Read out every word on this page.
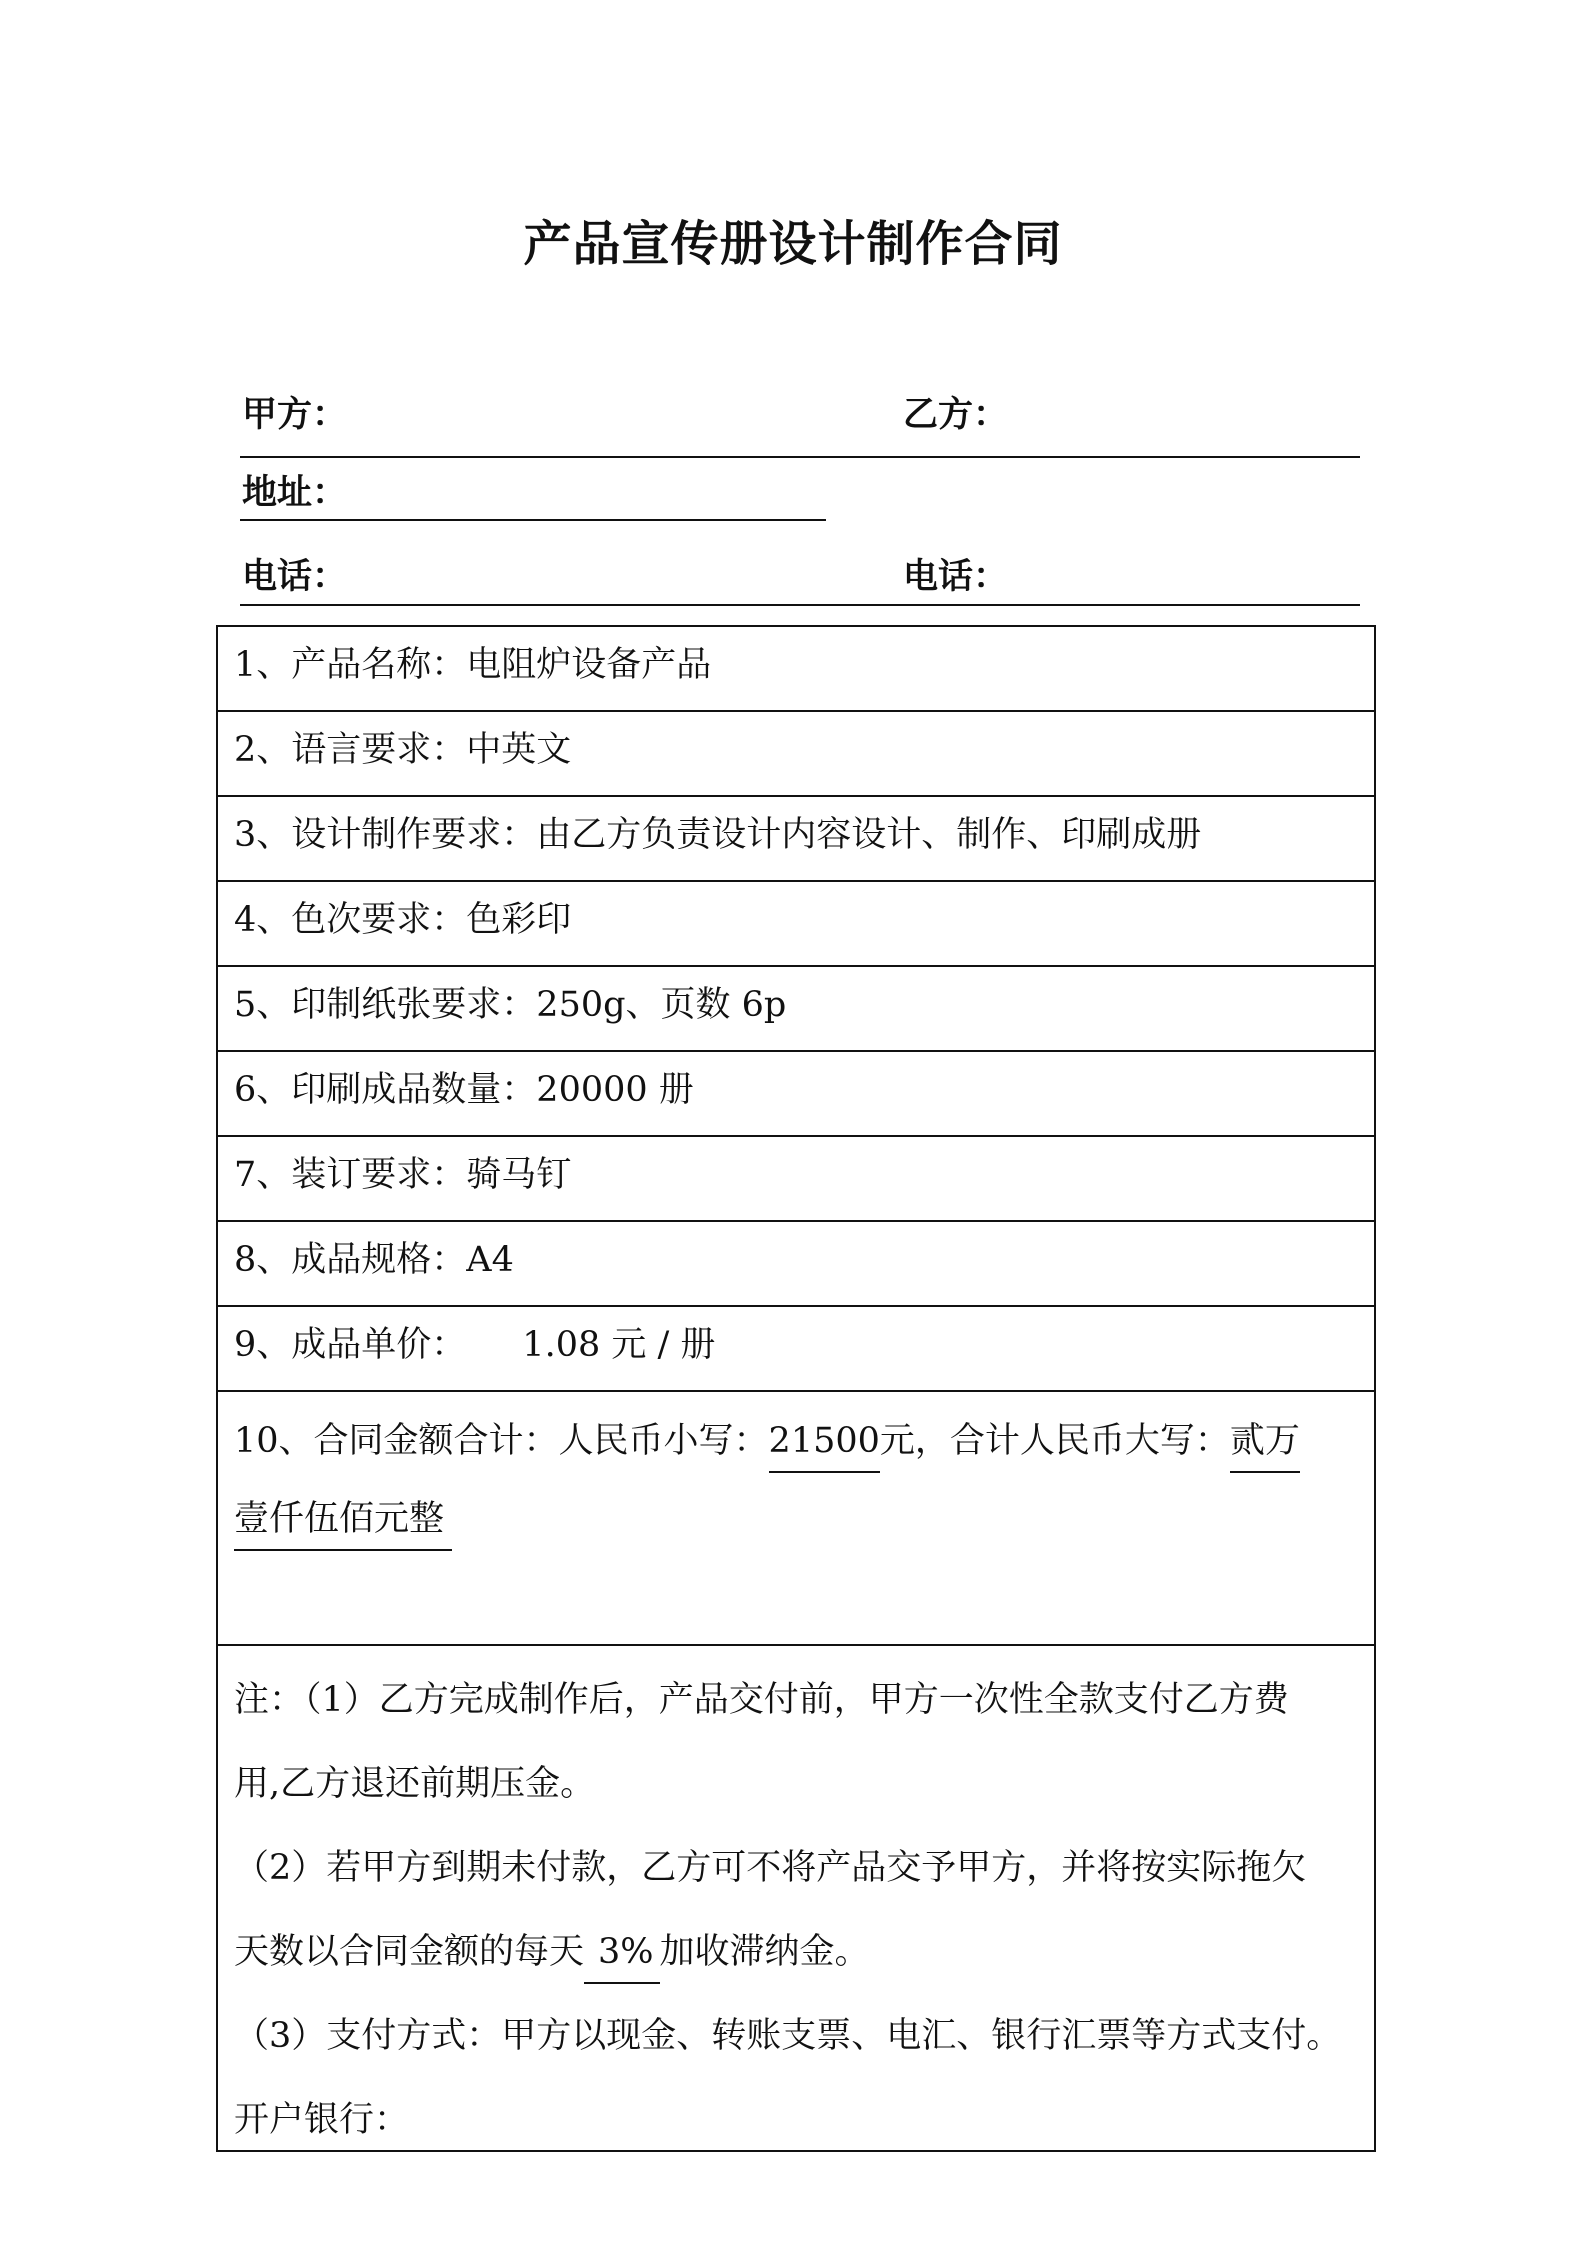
产品宣传册设计制作合同
甲方：	乙方：
地址：
电话：	电话：
1、产品名称：电阻炉设备产品
2、语言要求：中英文
3、设计制作要求：由乙方负责设计内容设计、制作、印刷成册
4、色次要求：色彩印
5、印制纸张要求：250g、页数 6p
6、印刷成品数量：20000 册
7、装订要求：骑马钉
8、成品规格：A4
9、成品单价： 1.08 元 / 册
10、合同金额合计：人民币小写：21500元，合计人民币大写：贰万
壹仟伍佰元整
注：（1）乙方完成制作后，产品交付前，甲方一次性全款支付乙方费
用,乙方退还前期压金。
（2）若甲方到期未付款，乙方可不将产品交予甲方，并将按实际拖欠
天数以合同金额的每天 3% 加收滞纳金。
（3）支付方式：甲方以现金、转账支票、电汇、银行汇票等方式支付。
开户银行：
